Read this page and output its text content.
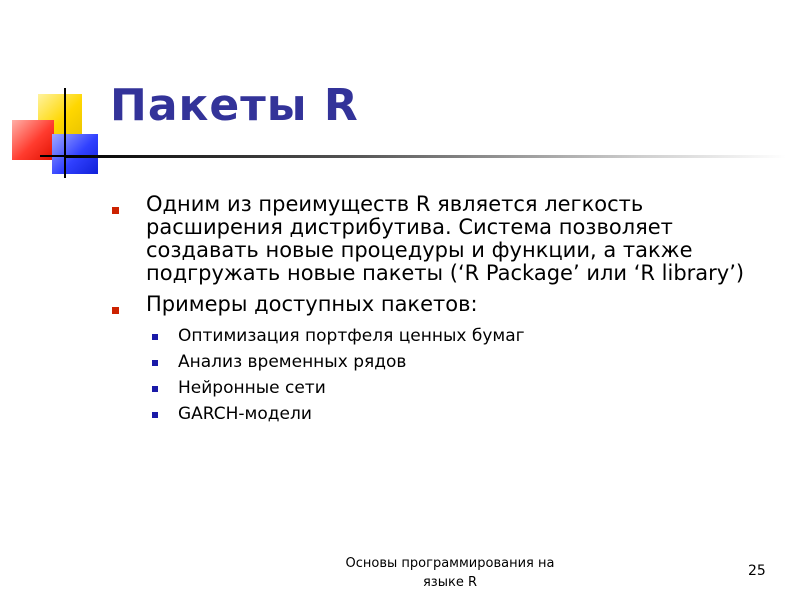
Пакеты R
Одним из преимуществ R является легкость расширения дистрибутива. Система позволяет создавать новые процедуры и функции, а также подгружать новые пакеты (‘R Package’ или ‘R library’)
Примеры доступных пакетов:
Оптимизация портфеля ценных бумаг
Анализ временных рядов
Нейронные сети
GARCH-модели
Основы программирования на языке R
25
